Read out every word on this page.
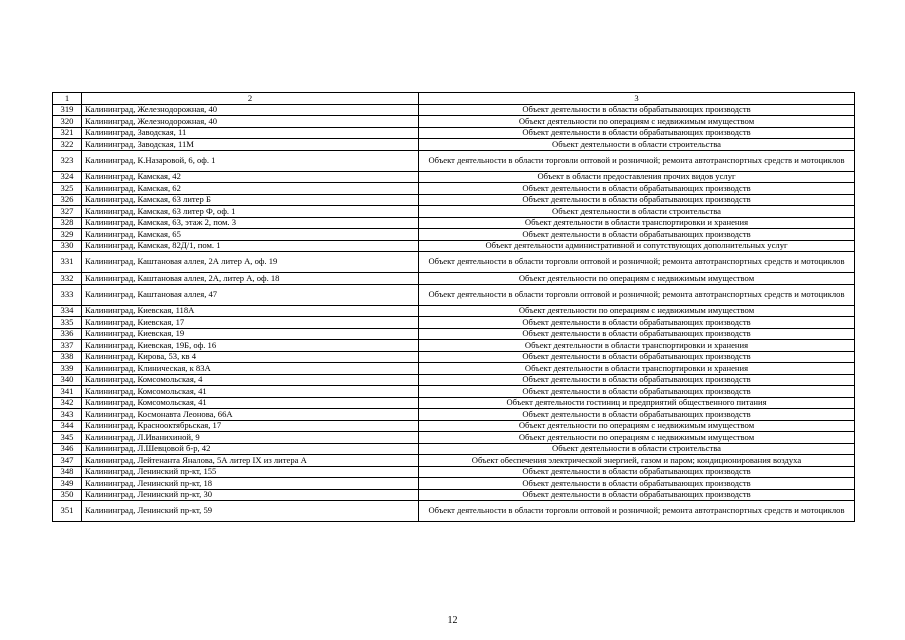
1	2	3
319	Калининград, Железнодорожная, 40	Объект деятельности в области обрабатывающих производств
320	Калининград, Железнодорожная, 40	Объект деятельности по операциям с недвижимым имуществом
321	Калининград, Заводская, 11	Объект деятельности в области обрабатывающих производств
322	Калининград, Заводская, 11М	Объект деятельности в области строительства
323	Калининград, К.Назаровой, 6, оф. 1	Объект деятельности в области торговли оптовой и розничной; ремонта автотранспортных средств и мотоциклов
324	Калининград, Камская, 42	Объект в области предоставления прочих видов услуг
325	Калининград, Камская, 62	Объект деятельности в области обрабатывающих производств
326	Калининград, Камская, 63 литер Б	Объект деятельности в области обрабатывающих производств
327	Калининград, Камская, 63 литер Ф, оф. 1	Объект деятельности в области строительства
328	Калининград, Камская, 63, этаж 2, пом. 3	Объект деятельности в области транспортировки и хранения
329	Калининград, Камская, 65	Объект деятельности в области обрабатывающих производств
330	Калининград, Камская, 82Д/1, пом. 1	Объект деятельности административной и сопутствующих дополнительных услуг
331	Калининград, Каштановая аллея, 2А литер А, оф. 19	Объект деятельности в области торговли оптовой и розничной; ремонта автотранспортных средств и мотоциклов
332	Калининград, Каштановая аллея, 2А, литер А, оф. 18	Объект деятельности по операциям с недвижимым имуществом
333	Калининград, Каштановая аллея, 47	Объект деятельности в области торговли оптовой и розничной; ремонта автотранспортных средств и мотоциклов
334	Калининград, Киевская, 118А	Объект деятельности по операциям с недвижимым имуществом
335	Калининград, Киевская, 17	Объект деятельности в области обрабатывающих производств
336	Калининград, Киевская, 19	Объект деятельности в области обрабатывающих производств
337	Калининград, Киевская, 19Б, оф. 16	Объект деятельности в области транспортировки и хранения
338	Калининград, Кирова, 53, кв 4	Объект деятельности в области обрабатывающих производств
339	Калининград, Клиническая, к 83А	Объект деятельности в области транспортировки и хранения
340	Калининград, Комсомольская, 4	Объект деятельности в области обрабатывающих производств
341	Калининград, Комсомольская, 41	Объект деятельности в области обрабатывающих производств
342	Калининград, Комсомольская, 41	Объект деятельности гостиниц и предприятий общественного питания
343	Калининград, Космонавта Леонова, 66А	Объект деятельности в области обрабатывающих производств
344	Калининград, Краснооктябрьская, 17	Объект деятельности по операциям с недвижимым имуществом
345	Калининград, Л.Иванихиной, 9	Объект деятельности по операциям с недвижимым имуществом
346	Калининград, Л.Шевцовой б-р, 42	Объект деятельности в области строительства
347	Калининград, Лейтенанта Яналова, 5А литер IX из литера А	Объект обеспечения электрической энергией, газом и паром; кондиционирования воздуха
348	Калининград, Ленинский пр-кт, 155	Объект деятельности в области обрабатывающих производств
349	Калининград, Ленинский пр-кт, 18	Объект деятельности в области обрабатывающих производств
350	Калининград, Ленинский пр-кт, 30	Объект деятельности в области обрабатывающих производств
351	Калининград, Ленинский пр-кт, 59	Объект деятельности в области торговли оптовой и розничной; ремонта автотранспортных средств и мотоциклов
12
